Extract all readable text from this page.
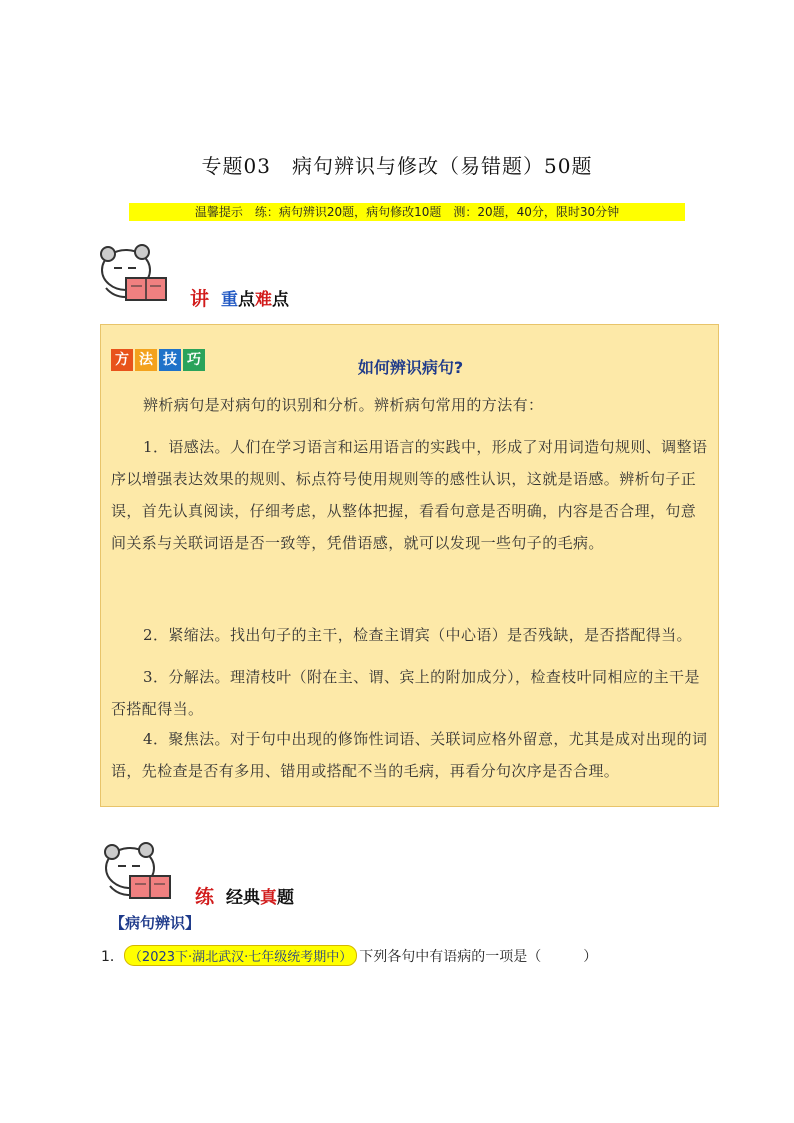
专题03　病句辨识与修改（易错题）50题
温馨提示　练：病句辨识20题，病句修改10题　测：20题，40分，限时30分钟
讲 重点难点
方 法 技 巧	如何辨识病句?

辨析病句是对病句的识别和分析。辨析病句常用的方法有：

1．语感法。人们在学习语言和运用语言的实践中，形成了对用词造句规则、调整语序以增强表达效果的规则、标点符号使用规则等的感性认识，这就是语感。辨析句子正误，首先认真阅读，仔细考虑，从整体把握，看看句意是否明确，内容是否合理，句意间关系与关联词语是否一致等，凭借语感，就可以发现一些句子的毛病。

2．紧缩法。找出句子的主干，检查主谓宾（中心语）是否残缺，是否搭配得当。

3．分解法。理清枝叶（附在主、谓、宾上的附加成分），检查枝叶同相应的主干是否搭配得当。

4．聚焦法。对于句中出现的修饰性词语、关联词应格外留意，尤其是成对出现的词语，先检查是否有多用、错用或搭配不当的毛病，再看分句次序是否合理。

练 经典真题
【病句辨识】
1． （2023下·湖北武汉·七年级统考期中） 下列各句中有语病的一项是（　　　）
